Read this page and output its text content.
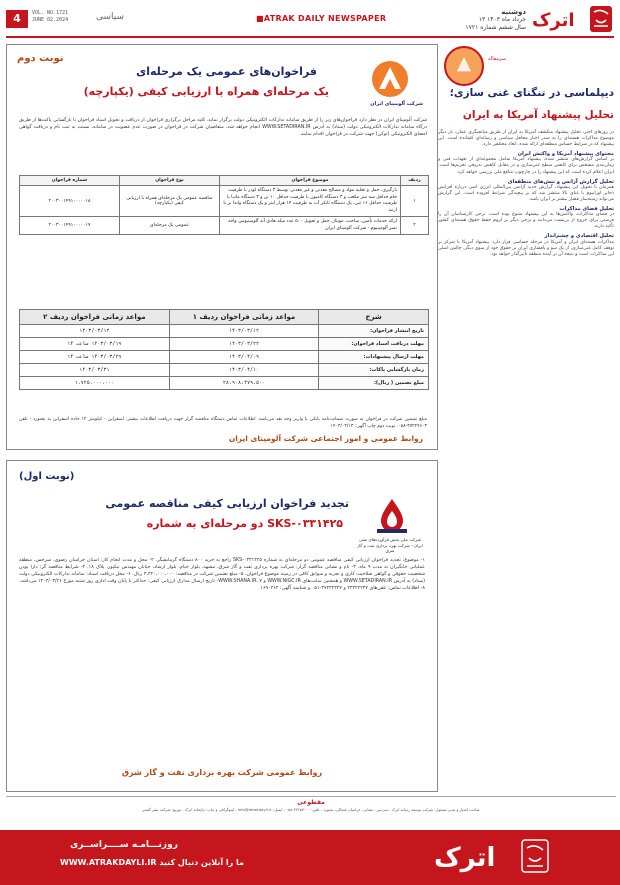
4	VOL. NO.1721
JUNE 02.2024	سیاسی	■ATRAK DAILY NEWSPAPER
دوشنبه
۱۳ خرداد ماه ۱۴۰۳
سال ششم شماره ۱۷۲۱ اترک
سرمقاله
دیپلماسی در تنگنای غنی سازی؛
تحلیل پیشنهاد آمریکا به ایران
در روزهای اخیر، تحلیل پیشنهاد منکشف آمریکا به ایران از طریق میانجیگری عمان، بار دیگر موضوع مذاکرات هسته‌ای را به صدر اخبار محافل سیاسی و رسانه‌ای کشانده است. این پیشنهاد که در شرایط حساس منطقه‌ای ارائه شده، ابعاد مختلفی دارد.
محتوای پیشنهاد آمریکا و واکنش ایران
بر اساس گزارش‌های منتشر شده، پیشنهاد آمریکا شامل مجموعه‌ای از تعهدات فنی و زمان‌بندی مشخص برای کاهش سطح غنی‌سازی و در مقابل کاهش تدریجی تحریم‌ها است. ایران اعلام کرده است که این پیشنهاد را در چارچوب منافع ملی بررسی خواهد کرد.
تحلیل گزارش آژانس و تنش‌های منطقه‌ای
همزمان با تحویل این پیشنهاد، گزارش جدید آژانس بین‌المللی انرژی اتمی درباره افزایش ذخایر اورانیوم با غنای بالا منتشر شد که بر پیچیدگی شرایط افزوده است. این گزارش می‌تواند زمینه‌ساز فشار بیشتر بر ایران باشد.
تحلیل فضای مذاکرات
در فضای مذاکرات، واکنش‌ها به این پیشنهاد متنوع بوده است. برخی کارشناسان آن را فرصتی برای خروج از بن‌بست می‌دانند و برخی دیگر بر لزوم حفظ حقوق هسته‌ای کشور تأکید دارند.
تحلیل اقتصادی و چشم‌انداز
مذاکرات هسته‌ای ایران و آمریکا در مرحله حساسی قرار دارد. پیشنهاد آمریکا با تمرکز بر توقف کامل غنی‌سازی، از یک سو و پافشاری ایران بر حقوق خود از سوی دیگر، چالش اصلی این مذاکرات است و نتیجه آن بر آینده منطقه تأثیرگذار خواهد بود.
نوبت دوم
فراخوان‌های عمومی یک مرحله‌ای
یک مرحله‌ای همراه با ارزیابی کیفی (یکپارچه)
شرکت آلومینای ایران
شرکت آلومینای ایران در نظر دارد فراخوان‌های زیر را از طریق سامانه تدارکات الکترونیکی دولت برگزار نماید. کلیه مراحل برگزاری فراخوان از دریافت و تحویل اسناد فراخوان تا بازگشایی پاکت‌ها از طریق درگاه سامانه تدارکات الکترونیکی دولت (ستاد) به آدرس WWW.SETADIRAN.IR انجام خواهد شد. متقاضیان شرکت در فراخوان در صورت عدم عضویت در سامانه، نسبت به ثبت نام و دریافت گواهی امضای الکترونیکی (توکن) جهت شرکت در فراخوان اقدام نمایند.
ردیف	موضوع فراخوان	نوع فراخوان	شماره فراخوان
۱	بارگیری، حمل و تخلیه مواد و مصالح معدنی و غیر معدنی توسط ۳ دستگاه لودر با ظرفیت جام حداقل سه متر مکعب و ۳ دستگاه کامیون با ظرفیت حداقل ۱۰ تن و ۳ دستگاه مادیا با ظرفیت حداقل ۱۶ تنی، یک دستگاه تانکر آب به ظرفیت ۱۴ هزار لیتر و یک دستگاه واندا بر با ارتبه	مناقصه عمومی یک مرحله‌ای همراه با ارزیابی کیفی (یکپارچه)	۲۰۰۳۰۰۱۴۹۱۰۰۰۰۰۱۸
۲	ارائه خدمات تأمین، ساخت، مونتاژ، حمل و تحویل ۵۰۰ عدد میله هادی آند آلومینیومی واحد تمیز آلومینیوم - شرکت آلومینای ایران	عمومی یک مرحله‌ای	۲۰۰۳۰۰۱۴۹۱۰۰۰۰۰۱۷
شرح	مواعد زمانی فراخوان ردیف ۱	مواعد زمانی فراخوان ردیف ۲
تاریخ انتشار فراخوان:	۱۴۰۳/۰۳/۱۲	۱۴۰۳/۰۳/۱۲
مهلت دریافت اسناد فراخوان:	۱۴۰۳/۰۳/۲۲	۱۴۰۳/۰۳/۱۹ ساعت ۱۴
مهلت ارسال پیشنهادات:	۱۴۰۳/۰۴/۰۹	۱۴۰۳/۰۳/۲۹ ساعت ۱۴
زمان بازگشایی پاکات:	۱۴۰۳/۰۴/۱۰	۱۴۰۳/۰۳/۳۱
مبلغ تضمین ( ریال):	۲۸،۹۰۸،۴۷۹،۵۰۰	۱،۷۲۵،۰۰۰،۰۰۰
مبلغ تضمین شرکت در فراخوان به صورت ضمانت‌نامه بانکی یا واریز وجه نقد می‌باشد. اطلاعات تماس دستگاه مناقصه گزار جهت دریافت اطلاعات بیشتر: اسفراین - کیلومتر ۱۲ جاده اسفراین به بجنورد - تلفن ۳۷۲۲۴۶۰۳-۰۵۸. نوبت دوم چاپ آگهی: ۱۴۰۳/۰۳/۱۳
روابط عمومی و امور اجتماعی شرکت آلومینای ایران
(نوبت اول)
تجدید فراخوان ارزیابی کیفی مناقصه عمومی
دو مرحله‌ای به شماره SKS-۰۳۳۱۴۲۵
شرکت ملی پخش فرآورده‌های نفتی ایران - شرکت بهره برداری نفت و گاز شرق
۱- موضوع: تجدید فراخوان ارزیابی کیفی مناقصه عمومی دو مرحله‌ای به شماره SKS-۰۳۳۱۴۲۵ راجع به خرید ۸۰۰ دستگاه گرمایشگر. ۲- محل و مدت انجام کار: استان خراسان رضوی، سرخس، منطقه عملیاتی خانگیران به مدت ۹ ماه. ۳- نام و نشانی مناقصه گزار: شرکت بهره برداری نفت و گاز شرق، مشهد، بلوار خیام، بلوار ارشاد، خیابان مهندس نیکپور، پلاک ۱۸. ۴- شرایط مناقصه گر: دارا بودن شخصیت حقوقی و گواهی صلاحیت کاری و تجربه و سوابق کافی در زمینه موضوع فراخوان. ۵- مبلغ تضمین شرکت در مناقصه: ۳،۴۲۰،۰۰۰،۰۰۰ ریال. ۶- محل دریافت اسناد: سامانه تدارکات الکترونیکی دولت (ستاد) به آدرس WWW.SETADIRAN.IR و همچنین سایت‌های WWW.NIGC.IR و WWW.SHANA.IR. ۷- تاریخ ارسال مدارک ارزیابی کیفی: حداکثر تا پایان وقت اداری روز شنبه مورخ ۱۴۰۳/۰۳/۲۶ می‌باشد. ۸- اطلاعات تماس: تلفن‌های ۲۳۲۲۲۲۳۷ و ۳۷۲۳۲۲۲۷-۰۵۱ و شناسه آگهی: ۱۶۹۰۳۶۲
روابط عمومی شرکت بهره برداری نفت و گاز شرق
مقطوعی
صاحب امتیاز و مدیر مسئول: شرکت توسعه رسانه اترک - سردبیر - نشانی: خراسان شمالی، بجنورد - تلفن: ۳۲۲۵۷۰۰۰-۰۵۸ - ایمیل: info@atrakdayli.ir - لیتوگرافی و چاپ: چاپخانه اترک - توزیع: شرکت نشر گستر
روزنـــامـه ســــراســری
WWW.ATRAKDAYLI.IR ما را آنلاین دنبال کنید	اترک
